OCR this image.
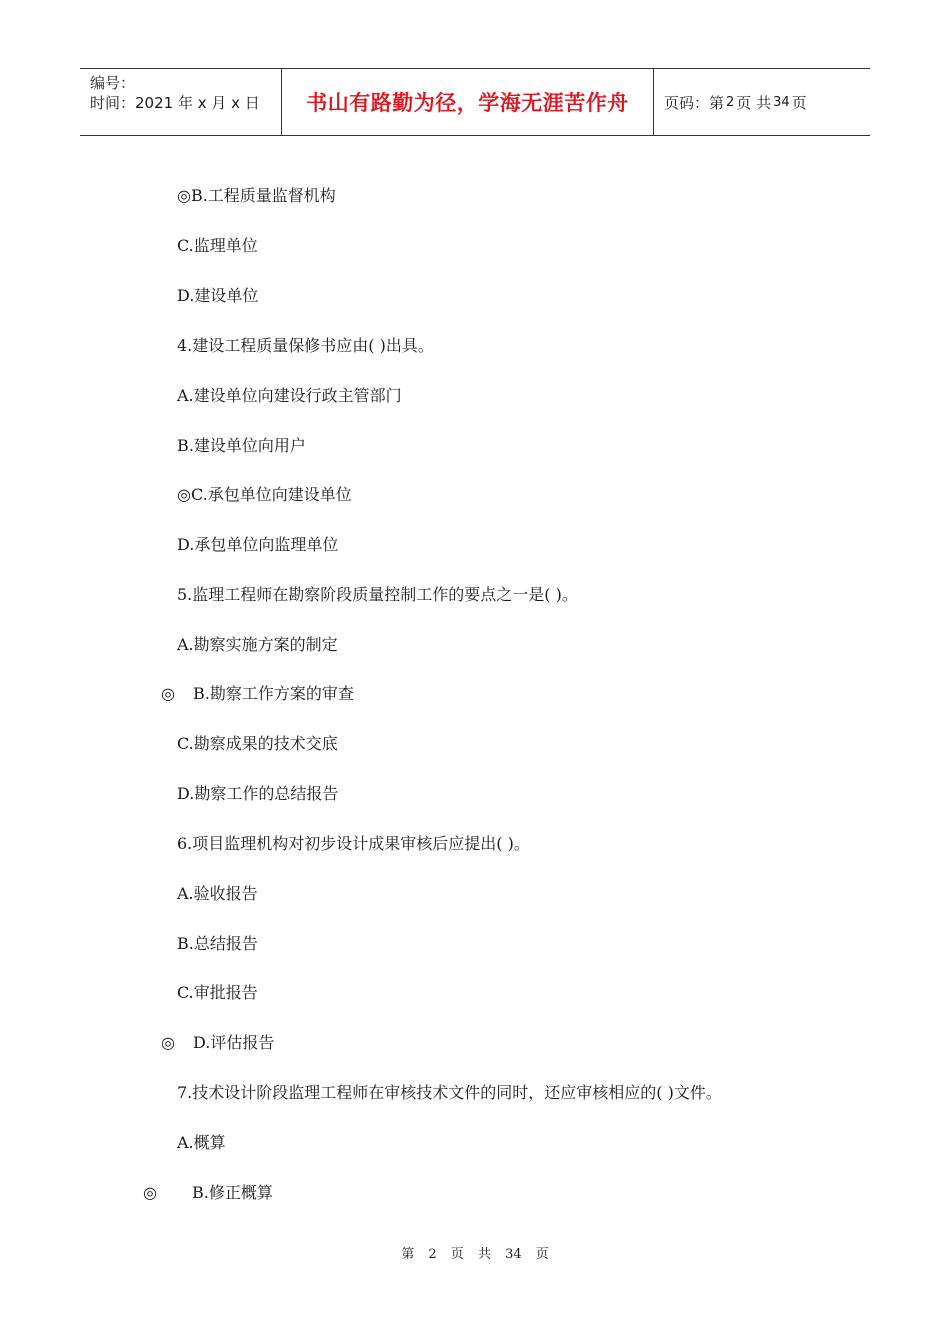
编号：
时间：2021 年 x 月 x 日	书山有路勤为径，学海无涯苦作舟	页码：第 2 页 共 34 页
◎B.工程质量监督机构
C.监理单位
D.建设单位
4.建设工程质量保修书应由( )出具。
A.建设单位向建设行政主管部门
B.建设单位向用户
◎C.承包单位向建设单位
D.承包单位向监理单位
5.监理工程师在勘察阶段质量控制工作的要点之一是( )。
A.勘察实施方案的制定
◎ B.勘察工作方案的审查
C.勘察成果的技术交底
D.勘察工作的总结报告
6.项目监理机构对初步设计成果审核后应提出( )。
A.验收报告
B.总结报告
C.审批报告
◎ D.评估报告
7.技术设计阶段监理工程师在审核技术文件的同时，还应审核相应的( )文件。
A.概算
◎ B.修正概算
第 2 页 共 34 页
